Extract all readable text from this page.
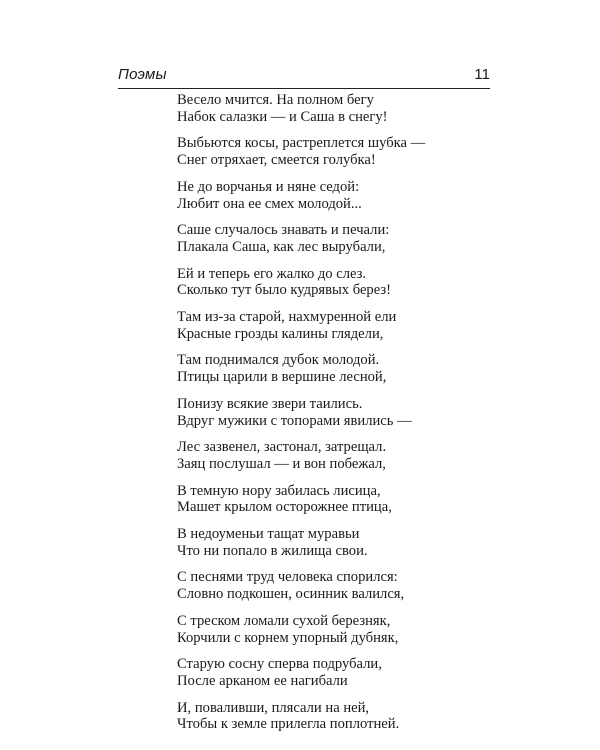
Поэмы	11
Весело мчится. На полном бегу
Набок салазки — и Саша в снегу!
Выбьются косы, растреплется шубка —
Снег отряхает, смеется голубка!
Не до ворчанья и няне седой:
Любит она ее смех молодой...
Саше случалось знавать и печали:
Плакала Саша, как лес вырубали,
Ей и теперь его жалко до слез.
Сколько тут было кудрявых берез!
Там из-за старой, нахмуренной ели
Красные грозды калины глядели,
Там поднимался дубок молодой.
Птицы царили в вершине лесной,
Понизу всякие звери таились.
Вдруг мужики с топорами явились —
Лес зазвенел, застонал, затрещал.
Заяц послушал — и вон побежал,
В темную нору забилась лисица,
Машет крылом осторожнее птица,
В недоуменьи тащат муравьи
Что ни попало в жилища свои.
С песнями труд человека спорился:
Словно подкошен, осинник валился,
С треском ломали сухой березняк,
Корчили с корнем упорный дубняк,
Старую сосну сперва подрубали,
После арканом ее нагибали
И, поваливши, плясали на ней,
Чтобы к земле прилегла поплотней.
